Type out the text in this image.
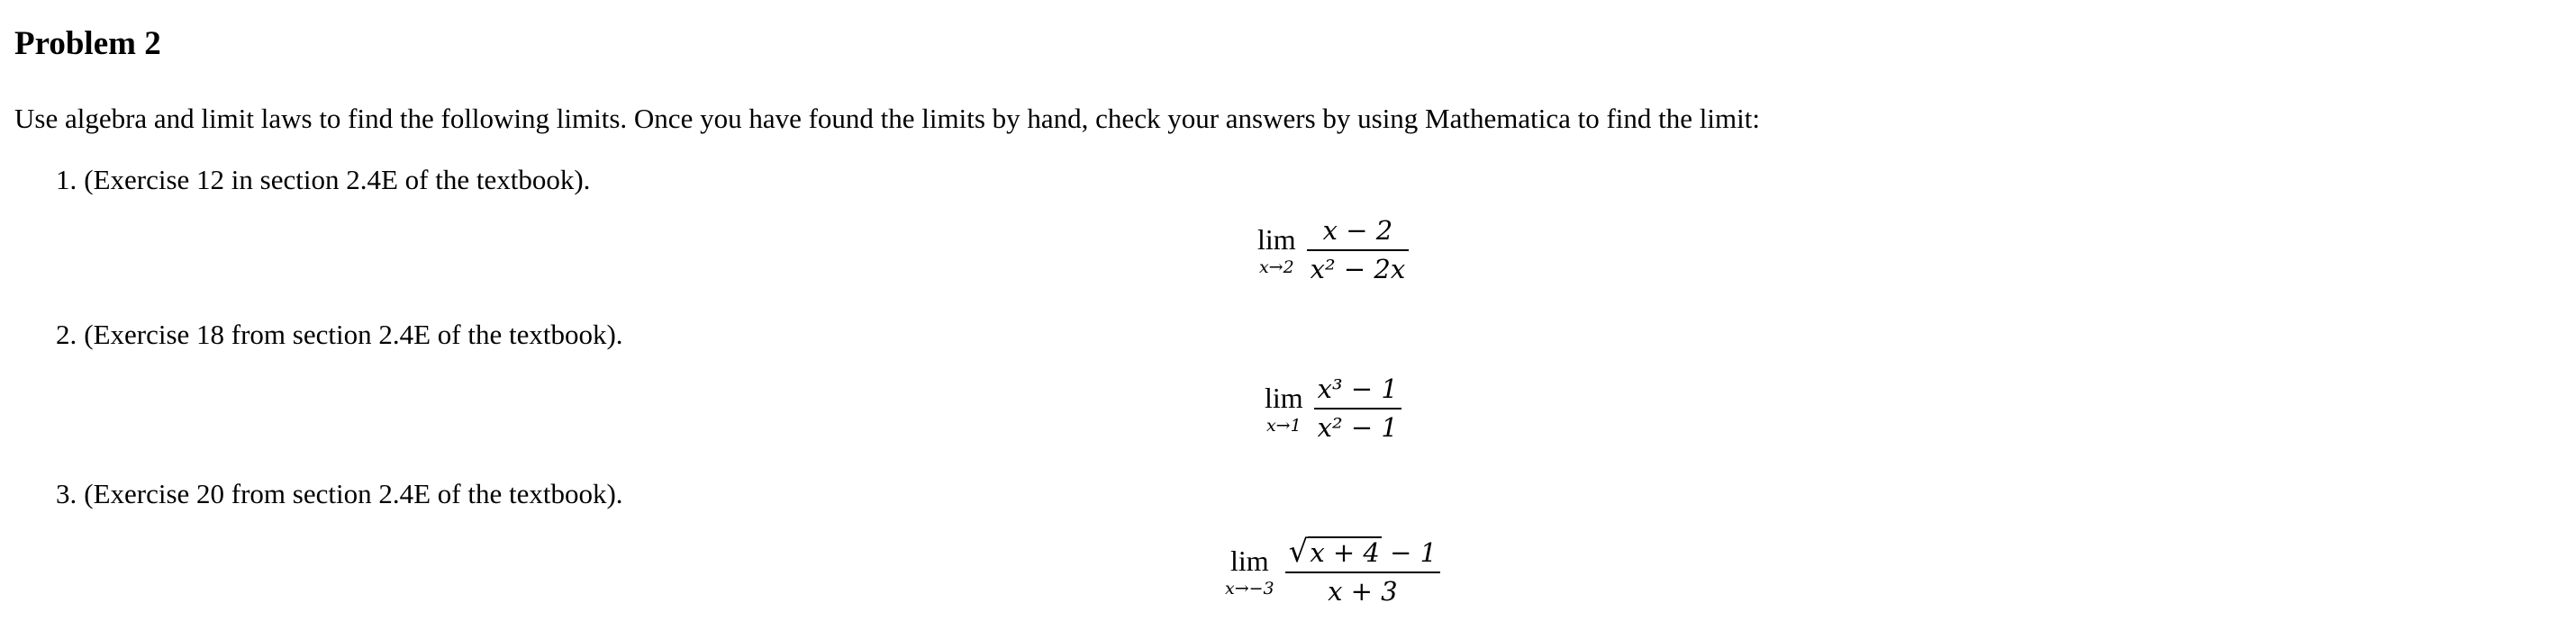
Problem 2

Use algebra and limit laws to find the following limits. Once you have found the limits by hand, check your answers by using Mathematica to find the limit:

1. (Exercise 12 in section 2.4E of the textbook).
lim
$x\to 2 \frac{x - 2}{\text{x² − 2x}}$
2. (Exercise 18 from section 2.4E of the textbook).
lim
$x\to 1 \frac{\text{x³ − 1}}{\text{x² − 1}}$
3. (Exercise 20 from section 2.4E of the textbook).
lim
$x\to-3 \frac{√ x + 4 - 1}{x + 3}$
